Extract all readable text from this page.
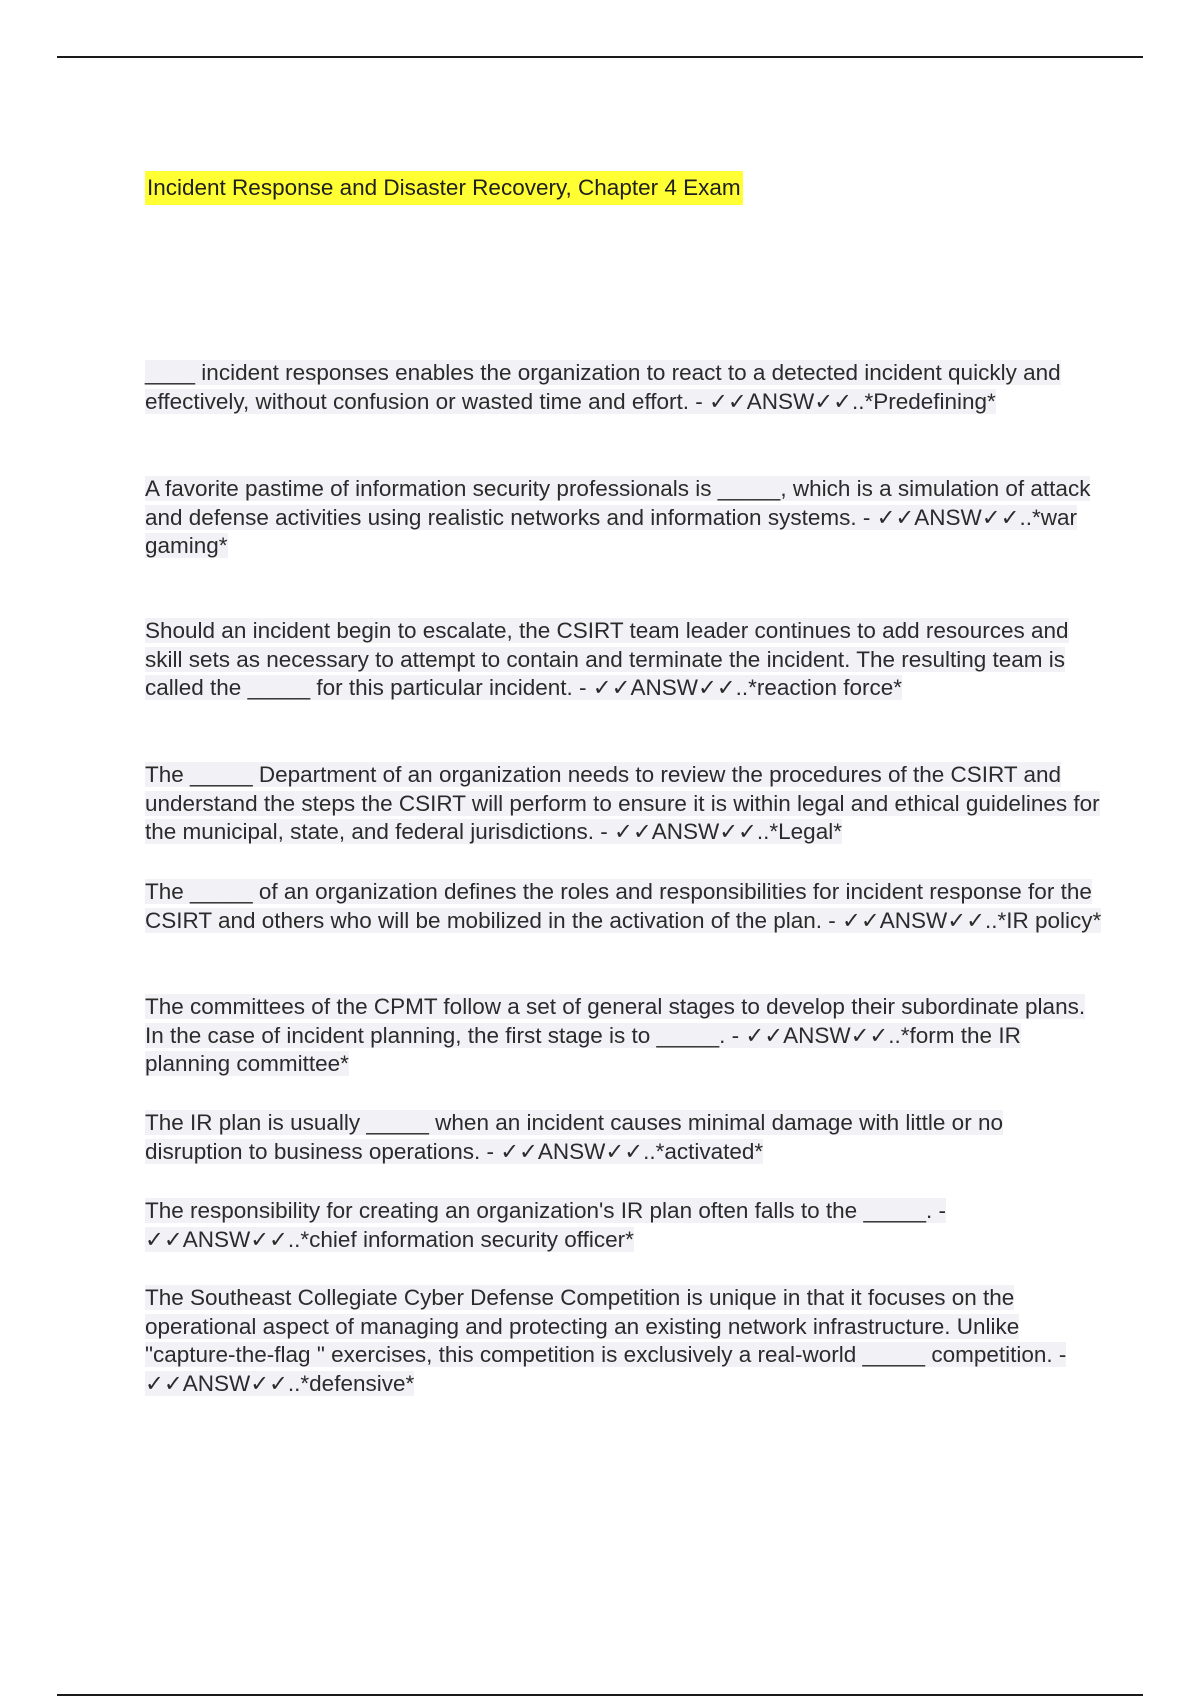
Incident Response and Disaster Recovery, Chapter 4 Exam
____ incident responses enables the organization to react to a detected incident quickly and effectively, without confusion or wasted time and effort. - ✓✓ANSW✓✓..*Predefining*
A favorite pastime of information security professionals is _____, which is a simulation of attack and defense activities using realistic networks and information systems. - ✓✓ANSW✓✓..*war gaming*
Should an incident begin to escalate, the CSIRT team leader continues to add resources and skill sets as necessary to attempt to contain and terminate the incident. The resulting team is called the _____ for this particular incident. - ✓✓ANSW✓✓..*reaction force*
The _____ Department of an organization needs to review the procedures of the CSIRT and understand the steps the CSIRT will perform to ensure it is within legal and ethical guidelines for the municipal, state, and federal jurisdictions. - ✓✓ANSW✓✓..*Legal*
The _____ of an organization defines the roles and responsibilities for incident response for the CSIRT and others who will be mobilized in the activation of the plan. - ✓✓ANSW✓✓..*IR policy*
The committees of the CPMT follow a set of general stages to develop their subordinate plans. In the case of incident planning, the first stage is to _____. - ✓✓ANSW✓✓..*form the IR planning committee*
The IR plan is usually _____ when an incident causes minimal damage with little or no disruption to business operations. - ✓✓ANSW✓✓..*activated*
The responsibility for creating an organization's IR plan often falls to the _____. - ✓✓ANSW✓✓..*chief information security officer*
The Southeast Collegiate Cyber Defense Competition is unique in that it focuses on the operational aspect of managing and protecting an existing network infrastructure. Unlike "capture-the-flag " exercises, this competition is exclusively a real-world _____ competition. - ✓✓ANSW✓✓..*defensive*
